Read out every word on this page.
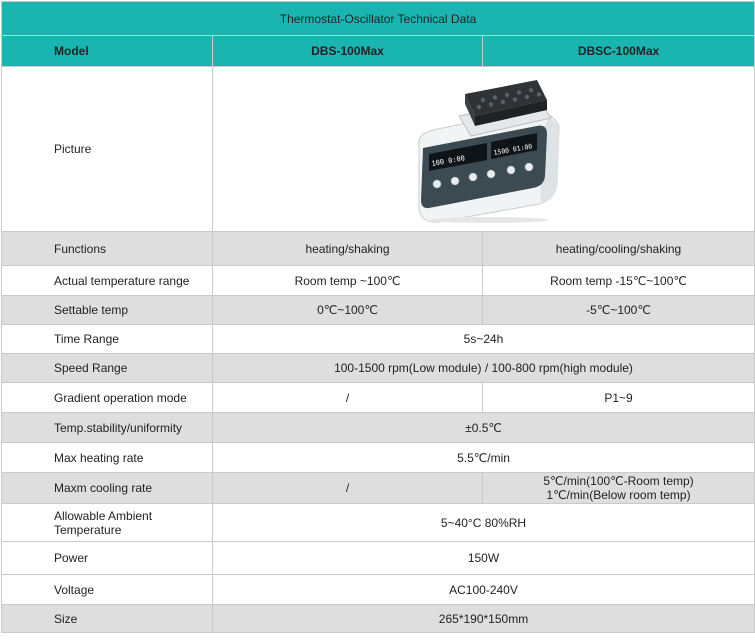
Thermostat-Oscillator Technical Data		
Model	DBS-100Max	DBSC-100Max
Picture	100 0:00
1500 01:00	

Functions	heating/shaking	heating/cooling/shaking
Actual temperature range	Room temp ~100℃	Room temp -15℃~100℃
Settable temp	0℃~100℃	-5℃~100℃
Time Range	5s~24h	
Speed Range	100-1500 rpm(Low module) / 100-800 rpm(high module)	
Gradient operation mode	/	P1~9
Temp.stability/uniformity	±0.5℃	
Max heating rate	5.5℃/min	
Maxm cooling rate	/	5℃/min(100℃-Room temp)
1℃/min(Below room temp)

Allowable Ambient
Temperature	5~40°C 80%RH	
Power	150W	
Voltage	AC100-240V	
Size	265*190*150mm	
